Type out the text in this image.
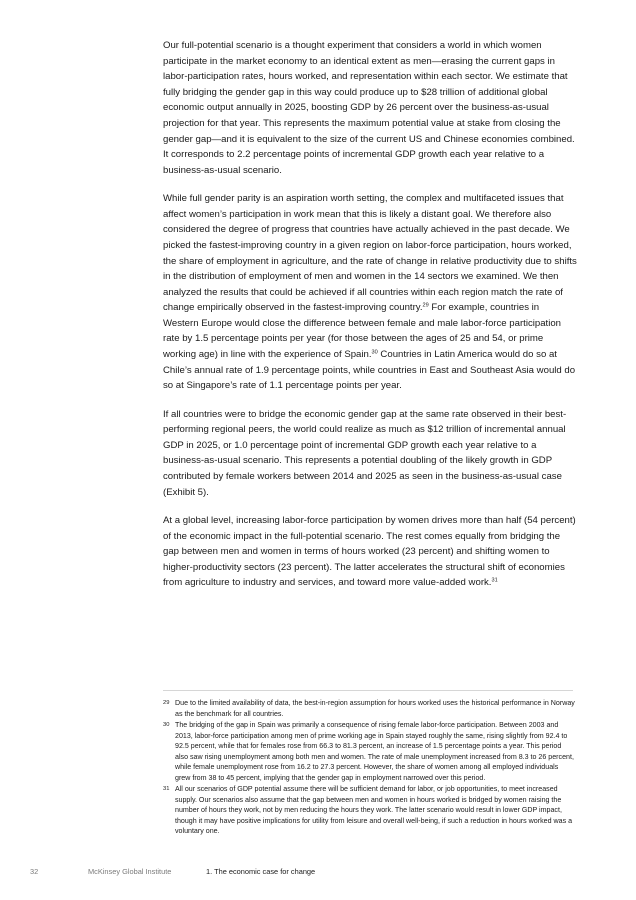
Our full-potential scenario is a thought experiment that considers a world in which women participate in the market economy to an identical extent as men—erasing the current gaps in labor-participation rates, hours worked, and representation within each sector. We estimate that fully bridging the gender gap in this way could produce up to $28 trillion of additional global economic output annually in 2025, boosting GDP by 26 percent over the business-as-usual projection for that year. This represents the maximum potential value at stake from closing the gender gap—and it is equivalent to the size of the current US and Chinese economies combined. It corresponds to 2.2 percentage points of incremental GDP growth each year relative to a business-as-usual scenario.

While full gender parity is an aspiration worth setting, the complex and multifaceted issues that affect women’s participation in work mean that this is likely a distant goal. We therefore also considered the degree of progress that countries have actually achieved in the past decade. We picked the fastest-improving country in a given region on labor-force participation, hours worked, the share of employment in agriculture, and the rate of change in relative productivity due to shifts in the distribution of employment of men and women in the 14 sectors we examined. We then analyzed the results that could be achieved if all countries within each region match the rate of change empirically observed in the fastest-improving country.$^{29}$ For example, countries in Western Europe would close the difference between female and male labor-force participation rate by 1.5 percentage points per year (for those between the ages of 25 and 54, or prime working age) in line with the experience of Spain.$^{30}$ Countries in Latin America would do so at Chile’s annual rate of 1.9 percentage points, while countries in East and Southeast Asia would do so at Singapore’s rate of 1.1 percentage points per year.

If all countries were to bridge the economic gender gap at the same rate observed in their best-performing regional peers, the world could realize as much as $12 trillion of incremental annual GDP in 2025, or 1.0 percentage point of incremental GDP growth each year relative to a business-as-usual scenario. This represents a potential doubling of the likely growth in GDP contributed by female workers between 2014 and 2025 as seen in the business-as-usual case (Exhibit 5).

At a global level, increasing labor-force participation by women drives more than half (54 percent) of the economic impact in the full-potential scenario. The rest comes equally from bridging the gap between men and women in terms of hours worked (23 percent) and shifting women to higher-productivity sectors (23 percent). The latter accelerates the structural shift of economies from agriculture to industry and services, and toward more value-added work.$^{31}$

29 Due to the limited availability of data, the best-in-region assumption for hours worked uses the historical performance in Norway as the benchmark for all countries.
30 The bridging of the gap in Spain was primarily a consequence of rising female labor-force participation. Between 2003 and 2013, labor-force participation among men of prime working age in Spain stayed roughly the same, rising slightly from 92.4 to 92.5 percent, while that for females rose from 66.3 to 81.3 percent, an increase of 1.5 percentage points a year. This period also saw rising unemployment among both men and women. The rate of male unemployment increased from 8.3 to 26 percent, while female unemployment rose from 16.2 to 27.3 percent. However, the share of women among all employed individuals grew from 38 to 45 percent, implying that the gender gap in employment narrowed over this period.
31 All our scenarios of GDP potential assume there will be sufficient demand for labor, or job opportunities, to meet increased supply. Our scenarios also assume that the gap between men and women in hours worked is bridged by women raising the number of hours they work, not by men reducing the hours they work. The latter scenario would result in lower GDP impact, though it may have positive implications for utility from leisure and overall well-being, if such a reduction in hours worked was a voluntary one.
32	McKinsey Global Institute	1. The economic case for change
